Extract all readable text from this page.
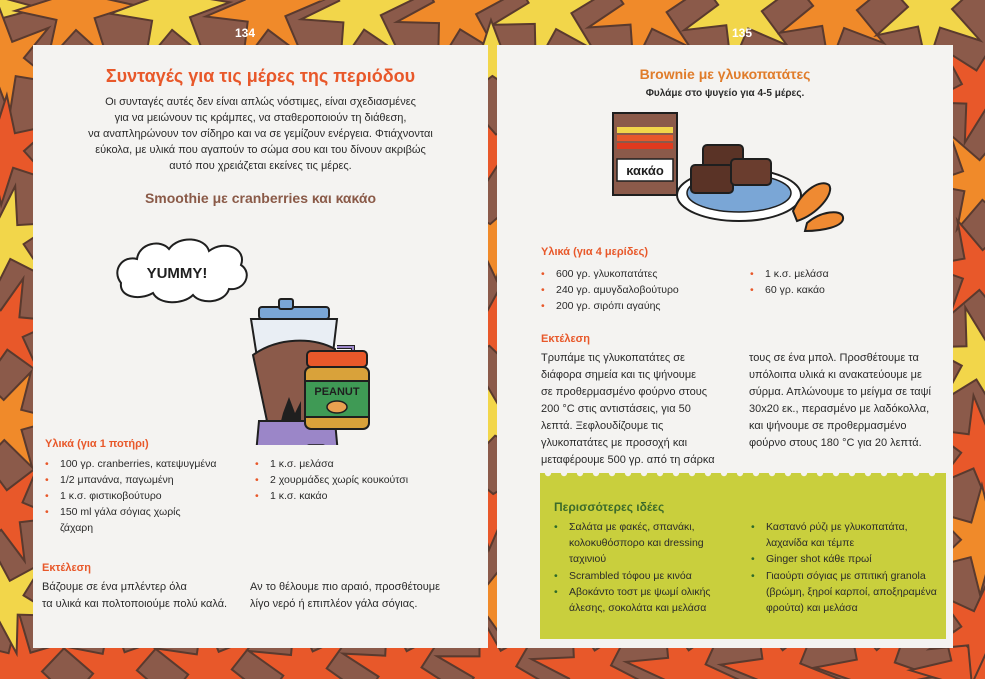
134	135
Συνταγές για τις μέρες της περιόδου
Οι συνταγές αυτές δεν είναι απλώς νόστιμες, είναι σχεδιασμένες
για να μειώνουν τις κράμπες, να σταθεροποιούν τη διάθεση,
να αναπληρώνουν τον σίδηρο και να σε γεμίζουν ενέργεια. Φτιάχνονται
εύκολα, με υλικά που αγαπούν το σώμα σου και του δίνουν ακριβώς
αυτό που χρειάζεται εκείνες τις μέρες.
Smoothie με cranberries και κακάο
YUMMY!
PEANUT
Υλικά (για 1 ποτήρι)
• 100 γρ. cranberries, κατεψυγμένα
• 1/2 μπανάνα, παγωμένη
• 1 κ.σ. φιστικοβούτυρο
• 150 ml γάλα σόγιας χωρίς
ζάχαρη
• 1 κ.σ. μελάσα
• 2 χουρμάδες χωρίς κουκούτσι
• 1 κ.σ. κακάο
Εκτέλεση
Βάζουμε σε ένα μπλέντερ όλα
τα υλικά και πολτοποιούμε πολύ καλά.
Αν το θέλουμε πιο αραιό, προσθέτουμε
λίγο νερό ή επιπλέον γάλα σόγιας.
Brownie με γλυκοπατάτες
Φυλάμε στο ψυγείο για 4-5 μέρες.
κακάο
Υλικά (για 4 μερίδες)
• 600 γρ. γλυκοπατάτες
• 240 γρ. αμυγδαλοβούτυρο
• 200 γρ. σιρόπι αγαύης
• 1 κ.σ. μελάσα
• 60 γρ. κακάο
Εκτέλεση
Τρυπάμε τις γλυκοπατάτες σε
διάφορα σημεία και τις ψήνουμε
σε προθερμασμένο φούρνο στους
200 °C στις αντιστάσεις, για 50
λεπτά. Ξεφλουδίζουμε τις
γλυκοπατάτες με προσοχή και
μεταφέρουμε 500 γρ. από τη σάρκα
τους σε ένα μπολ. Προσθέτουμε τα
υπόλοιπα υλικά κι ανακατεύουμε με
σύρμα. Απλώνουμε το μείγμα σε ταψί
30x20 εκ., περασμένο με λαδόκολλα,
και ψήνουμε σε προθερμασμένο
φούρνο στους 180 °C για 20 λεπτά.
Περισσότερες ιδέες
• Σαλάτα με φακές, σπανάκι,
κολοκυθόσπορο και dressing
ταχινιού
• Scrambled τόφου με κινόα
• Αβοκάντο τοστ με ψωμί ολικής
άλεσης, σοκολάτα και μελάσα
• Καστανό ρύζι με γλυκοπατάτα,
λαχανίδα και τέμπε
• Ginger shot κάθε πρωί
• Γιαούρτι σόγιας με σπιτική granola
(βρώμη, ξηροί καρποί, αποξηραμένα
φρούτα) και μελάσα
